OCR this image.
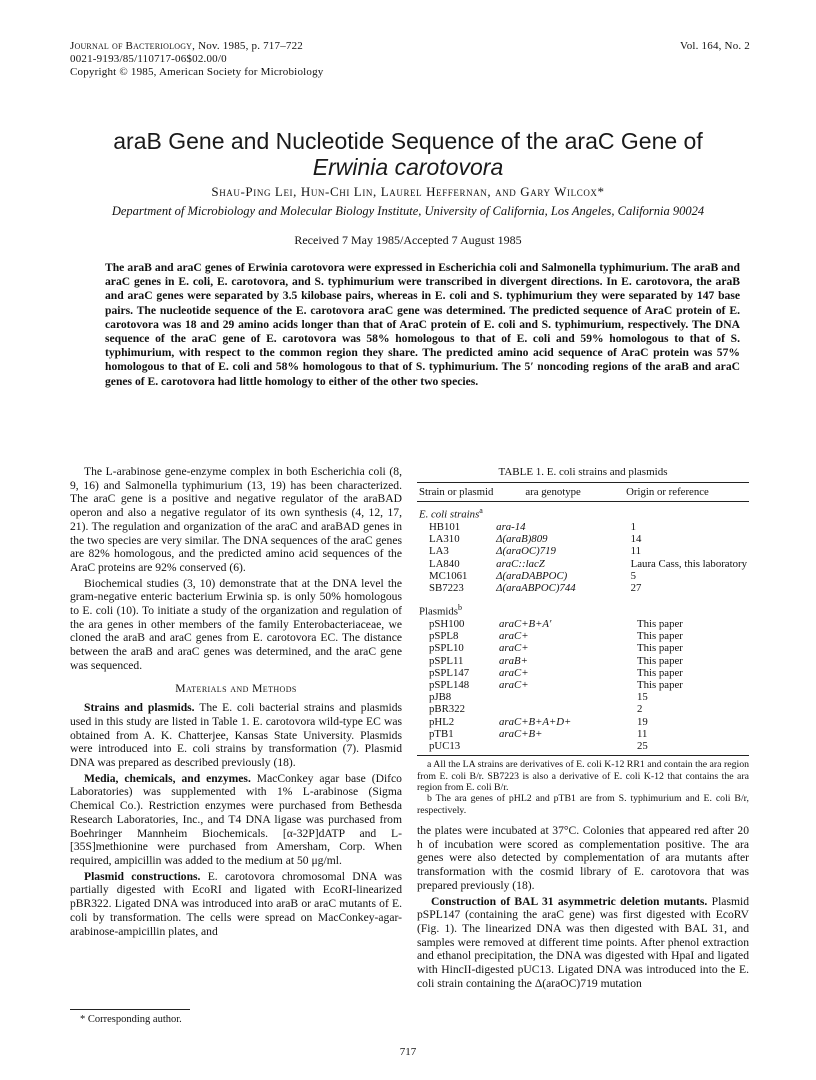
Journal of Bacteriology, Nov. 1985, p. 717–722
0021-9193/85/110717-06$02.00/0
Copyright © 1985, American Society for Microbiology
Vol. 164, No. 2
araB Gene and Nucleotide Sequence of the araC Gene of
Erwinia carotovora
Shau-Ping Lei, Hun-Chi Lin, Laurel Heffernan, and Gary Wilcox*
Department of Microbiology and Molecular Biology Institute, University of California, Los Angeles, California 90024
Received 7 May 1985/Accepted 7 August 1985
The araB and araC genes of Erwinia carotovora were expressed in Escherichia coli and Salmonella typhimurium. The araB and araC genes in E. coli, E. carotovora, and S. typhimurium were transcribed in divergent directions. In E. carotovora, the araB and araC genes were separated by 3.5 kilobase pairs, whereas in E. coli and S. typhimurium they were separated by 147 base pairs. The nucleotide sequence of the E. carotovora araC gene was determined. The predicted sequence of AraC protein of E. carotovora was 18 and 29 amino acids longer than that of AraC protein of E. coli and S. typhimurium, respectively. The DNA sequence of the araC gene of E. carotovora was 58% homologous to that of E. coli and 59% homologous to that of S. typhimurium, with respect to the common region they share. The predicted amino acid sequence of AraC protein was 57% homologous to that of E. coli and 58% homologous to that of S. typhimurium. The 5′ noncoding regions of the araB and araC genes of E. carotovora had little homology to either of the other two species.

The L-arabinose gene-enzyme complex in both Escherichia coli (8, 9, 16) and Salmonella typhimurium (13, 19) has been characterized. The araC gene is a positive and negative regulator of the araBAD operon and also a negative regulator of its own synthesis (4, 12, 17, 21). The regulation and organization of the araC and araBAD genes in the two species are very similar. The DNA sequences of the araC genes are 82% homologous, and the predicted amino acid sequences of the AraC proteins are 92% conserved (6).

Biochemical studies (3, 10) demonstrate that at the DNA level the gram-negative enteric bacterium Erwinia sp. is only 50% homologous to E. coli (10). To initiate a study of the organization and regulation of the ara genes in other members of the family Enterobacteriaceae, we cloned the araB and araC genes from E. carotovora EC. The distance between the araB and araC genes was determined, and the araC gene was sequenced.

Materials and Methods

Strains and plasmids. The E. coli bacterial strains and plasmids used in this study are listed in Table 1. E. carotovora wild-type EC was obtained from A. K. Chatterjee, Kansas State University. Plasmids were introduced into E. coli strains by transformation (7). Plasmid DNA was prepared as described previously (18).

Media, chemicals, and enzymes. MacConkey agar base (Difco Laboratories) was supplemented with 1% L-arabinose (Sigma Chemical Co.). Restriction enzymes were purchased from Bethesda Research Laboratories, Inc., and T4 DNA ligase was purchased from Boehringer Mannheim Biochemicals. [α-32P]dATP and L-[35S]methionine were purchased from Amersham, Corp. When required, ampicillin was added to the medium at 50 μg/ml.

Plasmid constructions. E. carotovora chromosomal DNA was partially digested with EcoRI and ligated with EcoRI-linearized pBR322. Ligated DNA was introduced into araB or araC mutants of E. coli by transformation. The cells were spread on MacConkey-agar-arabinose-ampicillin plates, and

* Corresponding author.
TABLE 1. E. coli strains and plasmids
Strain or plasmid	ara genotype	Origin or reference
E. coli strains$^a$
HB101	ara-14	1
LA310	Δ(araB)809	14
LA3	Δ(araOC)719	11
LA840	araC::lacZ	Laura Cass, this laboratory
MC1061	Δ(araDABPOC)	5
SB7223	Δ(araABPOC)744	27
Plasmids$^b$
pSH100	araC+B+A′	This paper
pSPL8	araC+	This paper
pSPL10	araC+	This paper
pSPL11	araB+	This paper
pSPL147	araC+	This paper
pSPL148	araC+	This paper
pJB8		15
pBR322		2
pHL2	araC+B+A+D+	19
pTB1	araC+B+	11
pUC13		25
a All the LA strains are derivatives of E. coli K-12 RR1 and contain the ara region from E. coli B/r. SB7223 is also a derivative of E. coli K-12 that contains the ara region from E. coli B/r.
b The ara genes of pHL2 and pTB1 are from S. typhimurium and E. coli B/r, respectively.

the plates were incubated at 37°C. Colonies that appeared red after 20 h of incubation were scored as complementation positive. The ara genes were also detected by complementation of ara mutants after transformation with the cosmid library of E. carotovora that was prepared previously (18).

Construction of BAL 31 asymmetric deletion mutants. Plasmid pSPL147 (containing the araC gene) was first digested with EcoRV (Fig. 1). The linearized DNA was then digested with BAL 31, and samples were removed at different time points. After phenol extraction and ethanol precipitation, the DNA was digested with HpaI and ligated with HincII-digested pUC13. Ligated DNA was introduced into the E. coli strain containing the Δ(araOC)719 mutation

717
